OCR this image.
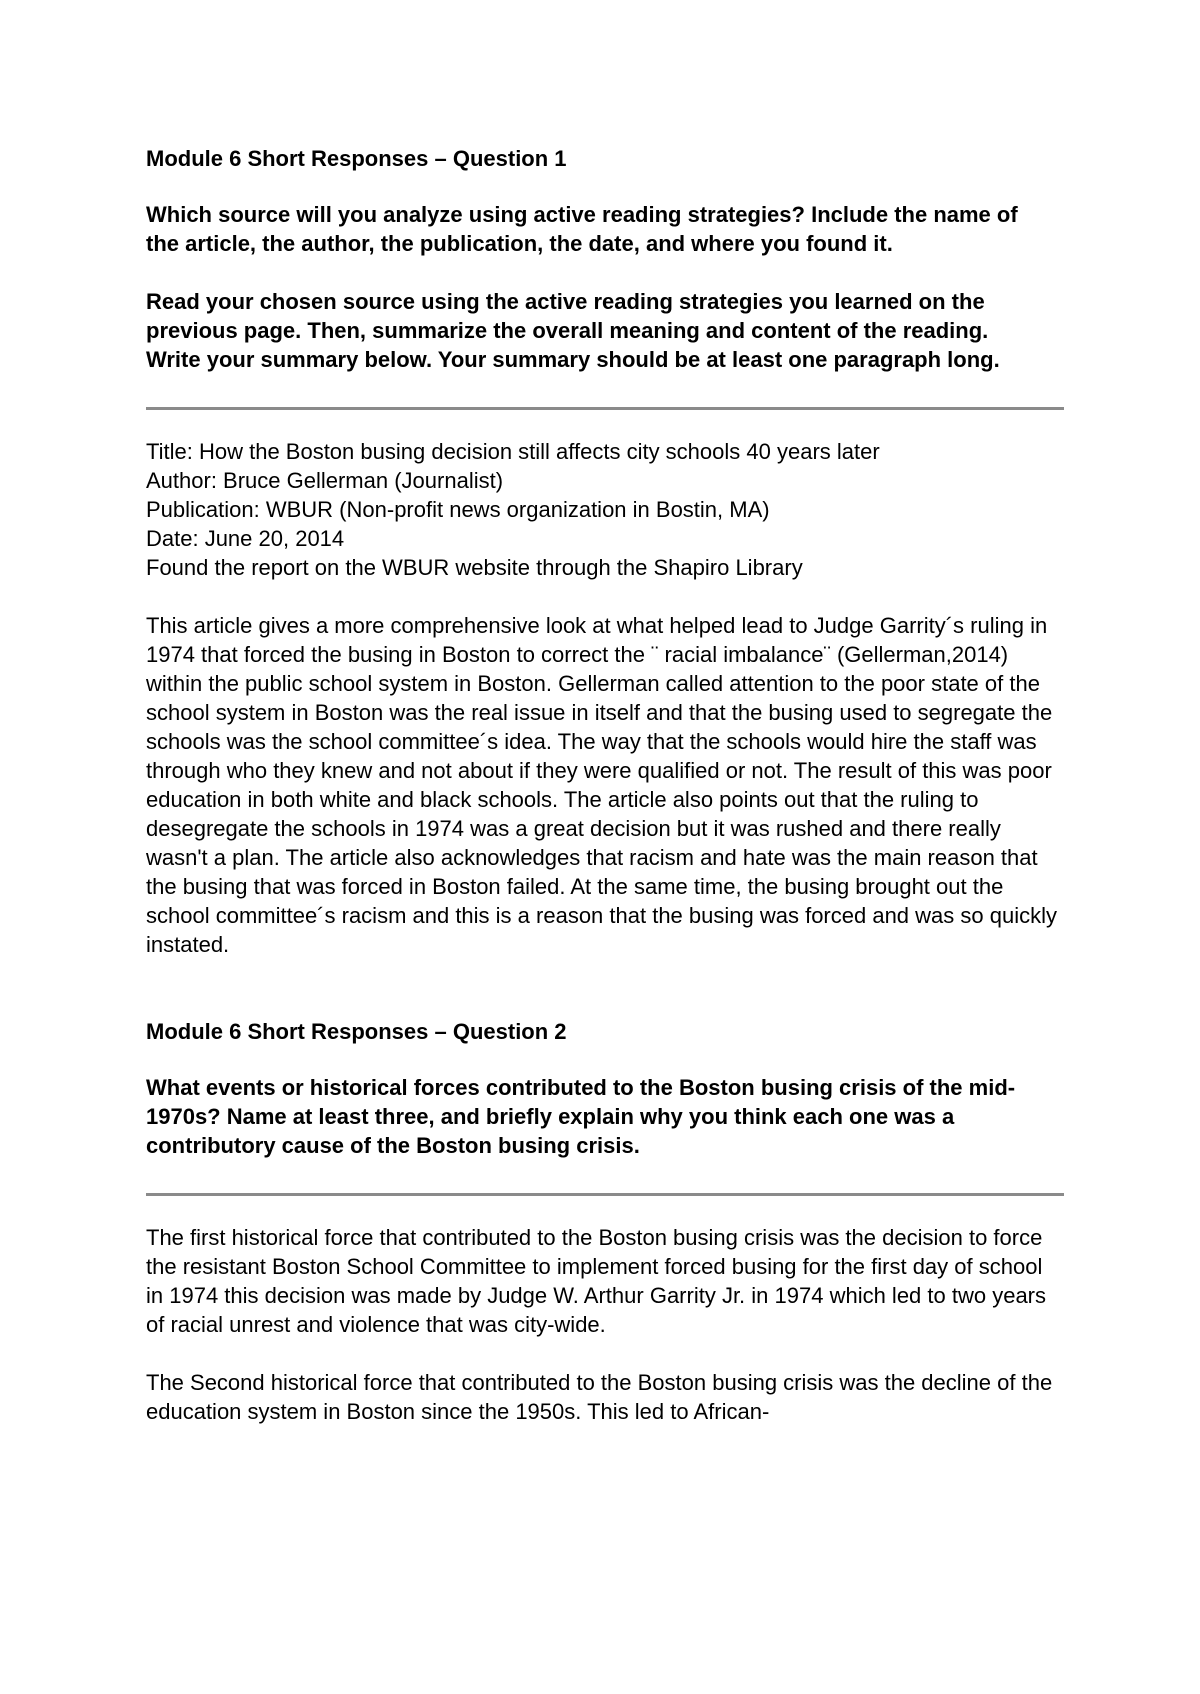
Module 6 Short Responses – Question 1

Which source will you analyze using active reading strategies? Include the name of the article, the author, the publication, the date, and where you found it.

Read your chosen source using the active reading strategies you learned on the previous page. Then, summarize the overall meaning and content of the reading. Write your summary below. Your summary should be at least one paragraph long.

Title: How the Boston busing decision still affects city schools 40 years later
Author: Bruce Gellerman (Journalist)
Publication: WBUR (Non-profit news organization in Bostin, MA)
Date: June 20, 2014
Found the report on the WBUR website through the Shapiro Library

This article gives a more comprehensive look at what helped lead to Judge Garrity´s ruling in 1974 that forced the busing in Boston to correct the ¨ racial imbalance¨ (Gellerman,2014) within the public school system in Boston. Gellerman called attention to the poor state of the school system in Boston was the real issue in itself and that the busing used to segregate the schools was the school committee´s idea. The way that the schools would hire the staff was through who they knew and not about if they were qualified or not. The result of this was poor education in both white and black schools. The article also points out that the ruling to desegregate the schools in 1974 was a great decision but it was rushed and there really wasn't a plan. The article also acknowledges that racism and hate was the main reason that the busing that was forced in Boston failed. At the same time, the busing brought out the school committee´s racism and this is a reason that the busing was forced and was so quickly instated.

Module 6 Short Responses – Question 2

What events or historical forces contributed to the Boston busing crisis of the mid-1970s? Name at least three, and briefly explain why you think each one was a contributory cause of the Boston busing crisis.

The first historical force that contributed to the Boston busing crisis was the decision to force the resistant Boston School Committee to implement forced busing for the first day of school in 1974 this decision was made by Judge W. Arthur Garrity Jr. in 1974 which led to two years of racial unrest and violence that was city-wide.

The Second historical force that contributed to the Boston busing crisis was the decline of the education system in Boston since the 1950s. This led to African-
